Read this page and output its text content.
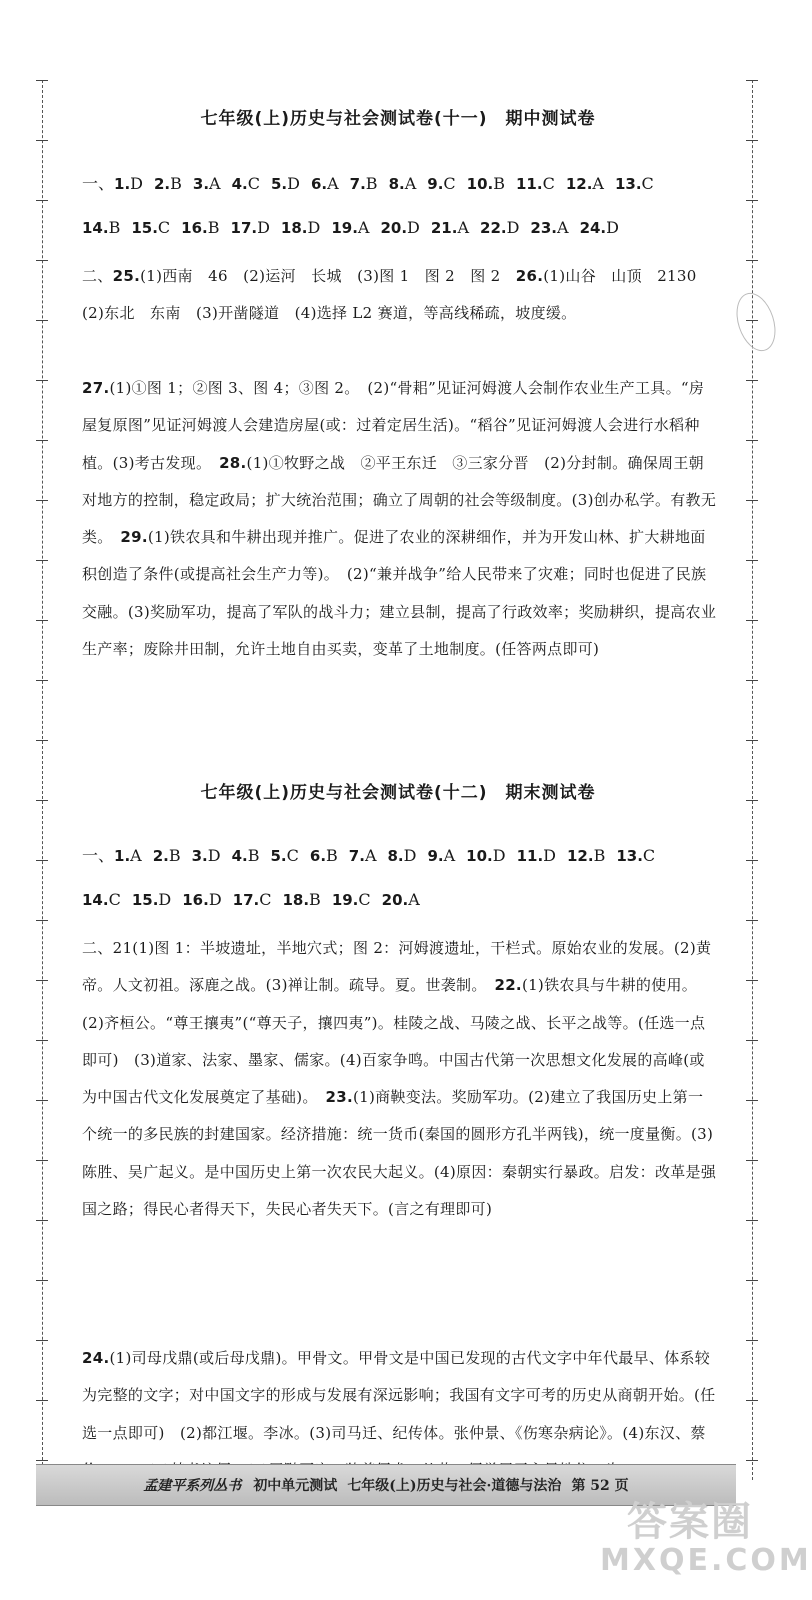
七年级(上)历史与社会测试卷(十一) 期中测试卷
一、1.D 2.B 3.A 4.C 5.D 6.A 7.B 8.A 9.C 10.B 11.C 12.A 13.C
14.B 15.C 16.B 17.D 18.D 19.A 20.D 21.A 22.D 23.A 24.D
二、25.(1)西南　46　(2)运河　长城　(3)图 1　图 2　图 2　26.(1)山谷　山顶　2130　(2)东北　东南　(3)开凿隧道　(4)选择 L2 赛道，等高线稀疏，坡度缓。
27.(1)①图 1；②图 3、图 4；③图 2。　(2)“骨耜”见证河姆渡人会制作农业生产工具。“房屋复原图”见证河姆渡人会建造房屋(或：过着定居生活)。“稻谷”见证河姆渡人会进行水稻种植。(3)考古发现。　28.(1)①牧野之战　②平王东迁　③三家分晋　(2)分封制。确保周王朝对地方的控制，稳定政局；扩大统治范围；确立了周朝的社会等级制度。(3)创办私学。有教无类。　29.(1)铁农具和牛耕出现并推广。促进了农业的深耕细作，并为开发山林、扩大耕地面积创造了条件(或提高社会生产力等)。　(2)“兼并战争”给人民带来了灾难；同时也促进了民族交融。(3)奖励军功，提高了军队的战斗力；建立县制，提高了行政效率；奖励耕织，提高农业生产率；废除井田制，允许土地自由买卖，变革了土地制度。(任答两点即可)
七年级(上)历史与社会测试卷(十二) 期末测试卷
一、1.A 2.B 3.D 4.B 5.C 6.B 7.A 8.D 9.A 10.D 11.D 12.B 13.C
14.C 15.D 16.D 17.C 18.B 19.C 20.A
二、21(1)图 1：半坡遗址，半地穴式；图 2：河姆渡遗址，干栏式。原始农业的发展。(2)黄帝。人文初祖。涿鹿之战。(3)禅让制。疏导。夏。世袭制。　22.(1)铁农具与牛耕的使用。(2)齐桓公。“尊王攘夷”(“尊天子，攘四夷”)。桂陵之战、马陵之战、长平之战等。(任选一点即可)　(3)道家、法家、墨家、儒家。(4)百家争鸣。中国古代第一次思想文化发展的高峰(或为中国古代文化发展奠定了基础)。　23.(1)商鞅变法。奖励军功。(2)建立了我国历史上第一个统一的多民族的封建国家。经济措施：统一货币(秦国的圆形方孔半两钱)，统一度量衡。(3)陈胜、吴广起义。是中国历史上第一次农民大起义。(4)原因：秦朝实行暴政。启发：改革是强国之路；得民心者得天下，失民心者失天下。(言之有理即可)
24.(1)司母戊鼎(或后母戊鼎)。甲骨文。甲骨文是中国已发现的古代文字中年代最早、体系较为完整的文字；对中国文字的形成与发展有深远影响；我国有文字可考的历史从商朝开始。(任选一点即可)　(2)都江堰。李冰。(3)司马迁、纪传体。张仲景、《伤寒杂病论》。(4)东汉、蔡　
孟建平系列丛书 初中单元测试 七年级(上)历史与社会·道德与法治 第 52 页
答案圈
MXQE.COM
